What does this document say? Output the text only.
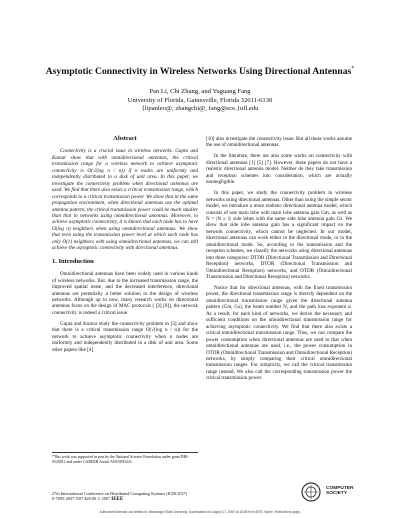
Asymptotic Connectivity in Wireless Networks Using Directional Antennas*
Pan Li, Chi Zhang, and Yuguang Fang
University of Florida, Gainesville, Florida 32611-6130
{lipanleo@, zhangchi@, fang@ece.}ufl.edu
Abstract

Connectivity is a crucial issue in wireless networks. Gupta and Kumar show that with omnidirectional antennas, the critical transmission range for a wireless network to achieve asymptotic connectivity is O(√(log n / n)) if n nodes are uniformly and independently distributed in a disk of unit area. In this paper, we investigate the connectivity problem when directional antennas are used. We find that there also exists a critical transmission range, which corresponds to a critical transmission power. We show that in the same propagation environment, when directional antennas use the optimal antenna pattern, the critical transmission power could be much smaller than that in networks using omnidirectional antennas. Moreover, to achieve asymptotic connectivity, it is known that each node has to have O(log n) neighbors when using omnidirectional antennas. We show that even using the transmission power level at which each node has only O(1) neighbors with using omnidirectional antennas, we can still achieve the asymptotic connectivity with directional antennas.

1. Introduction

Omnidirectional antennas have been widely used in various kinds of wireless networks. But, due to the increased transmission range, the improved spatial reuse, and the decreased interference, directional antennas are potentially a better solution to the design of wireless networks. Although up to now, many research works on directional antennas focus on the design of MAC protocols ( [2] [8]), the network connectivity is indeed a critical issue.

Gupta and Kumar study the connectivity problem in [3] and show that there is a critical transmission range O(√(log n / n)) for the network to achieve asymptotic connectivity when n nodes are uniformly and independently distributed in a disk of unit area. Some other papers like [4]

*This work was supported in part by the National Science Foundation under grant DBI-0529012 and under CAREER Award ANI-0093241.

[10] also investigate the connectivity issue. But all these works assume the use of omnidirectional antennas.

In the literature, there are also some works on connectivity with directional antennas [1] [5] [7]. However, these papers do not have a realistic directional antenna model. Neither do they take transmission and reception schemes into consideration, which are actually nonnegligible.

In this paper, we study the connectivity problem in wireless networks using directional antennas. Other than using the simple sector model, we introduce a more realistic directional antenna model, which consists of one main lobe with main lobe antenna gain Gm, as well as N = |N ≥ 1| side lobes with the same side lobe antenna gain Gs. We show that side lobe antenna gain has a significant impact on the network connectivity, which cannot be neglected. In our model, directional antennas can work either in the directional mode, or in the omnidirectional mode. So, according to the transmission and the reception schemes, we classify the networks using directional antennas into three categories: DTDR (Directional Transmission and Directional Reception) networks, DTOR (Directional Transmission and Omnidirectional Reception) networks, and OTDR (Omnidirectional Transmission and Directional Reception) networks.

Notice that for directional antennas, with the fixed transmission power, the directional transmission range is directly dependent on the omnidirectional transmission range given the directional antenna pattern (Gm, Gs), the beam number N, and the path loss exponent α. As a result, for each kind of networks, we derive the necessary and sufficient conditions on the omnidirectional transmission range for achieving asymptotic connectivity. We find that there also exists a critical omnidirectional transmission range. Thus, we can compare the power consumption when directional antennas are used to that when omnidirectional antennas are used, i.e., the power consumption in OTOR (Omnidirectional Transmission and Omnidirectional Reception) networks, by simply comparing their critical omnidirectional transmission ranges. For simplicity, we call the critical transmission range instead. We also call the corresponding transmission power the critical transmission power.

27th International Conference on Distributed Computing Systems (ICDCS'07)
0-7695-2837-3/07 $20.00 © 2007 IEEE
COMPUTER
SOCIETY
Authorized licensed use limited to: Mississippi State University. Downloaded on August 17, 2009 at 18:55 from IEEE Xplore. Restrictions apply.
